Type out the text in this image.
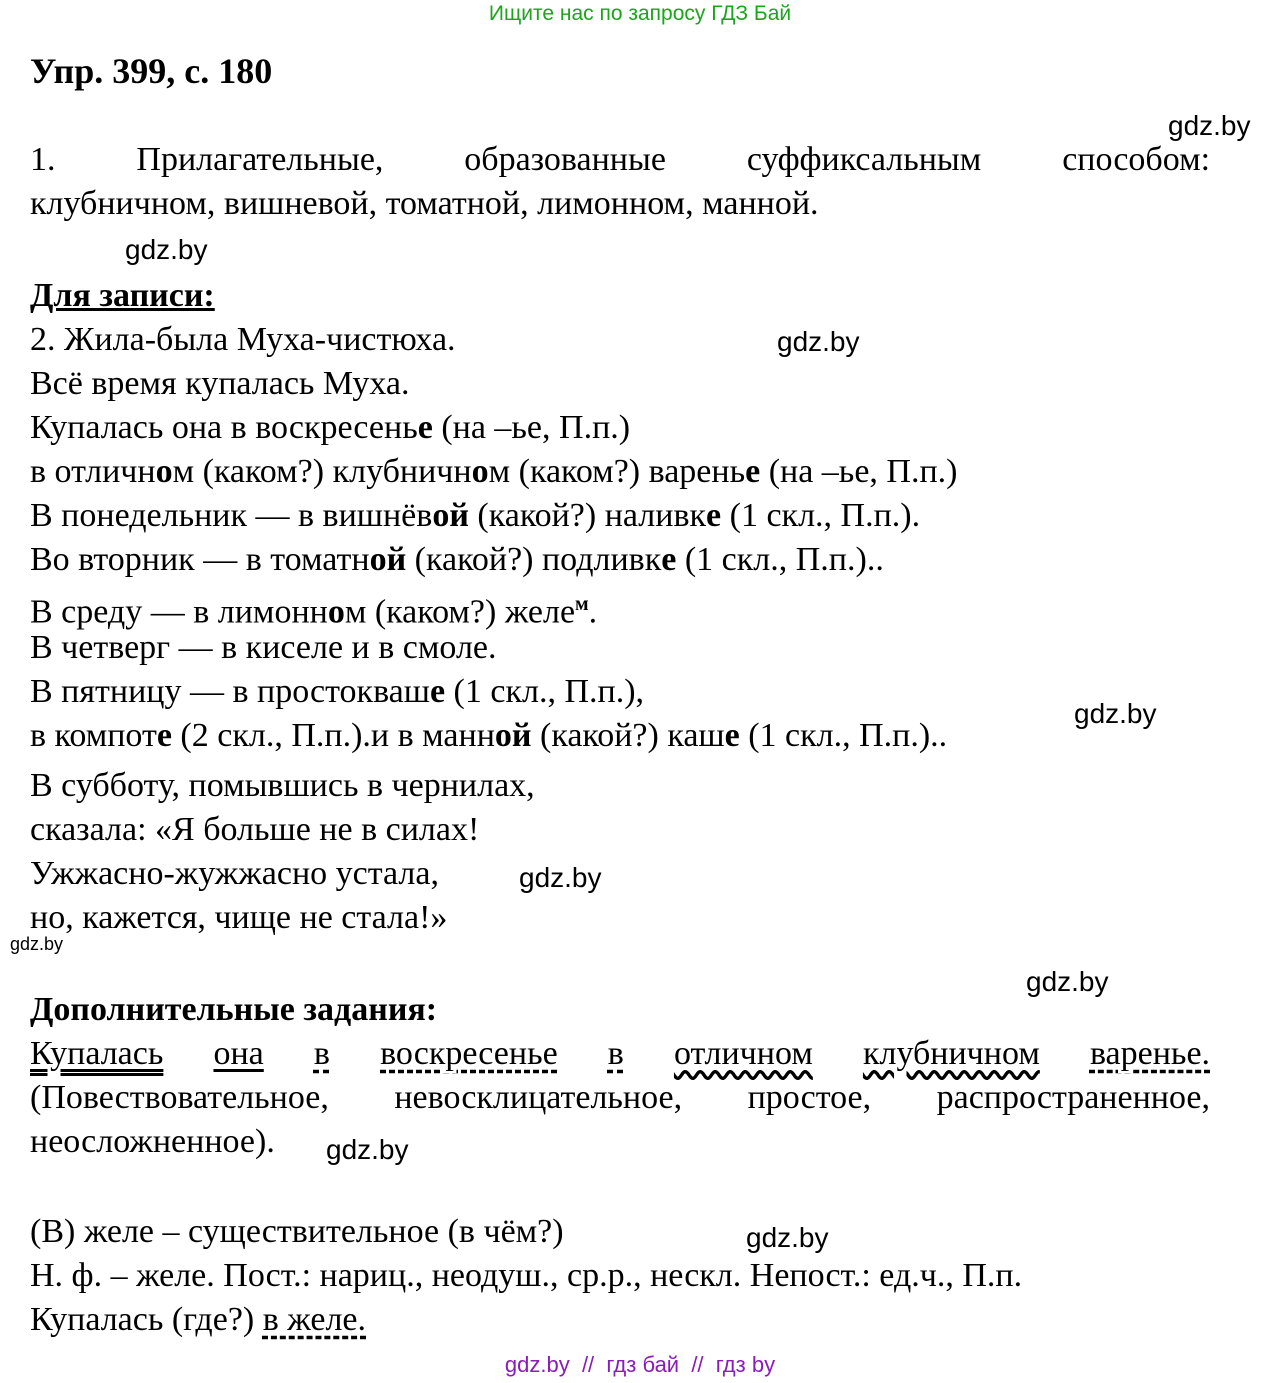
Ищите нас по запросу ГДЗ Бай
Упр. 399, с. 180
gdz.by
1. Прилагательные, образованные суффиксальным способом:
клубничном, вишневой, томатной, лимонном, манной.
gdz.by
Для записи:
2. Жила-была Муха-чистюха.	gdz.by
Всё время купалась Муха.
Купалась она в воскресенье (на –ье, П.п.)
в отличном (каком?) клубничном (каком?) варенье (на –ье, П.п.)
В понедельник — в вишнёвой (какой?) наливке (1 скл., П.п.).
Во вторник — в томатной (какой?) подливке (1 скл., П.п.)..
В среду — в лимонном (каком?) желе$^м$.
В четверг — в киселе и в смоле.
В пятницу — в простокваше (1 скл., П.п.),
gdz.by
в компоте (2 скл., П.п.).и в манной (какой?) каше (1 скл., П.п.)..
В субботу, помывшись в чернилах,
сказала: «Я больше не в силах!
Ужжасно-жужжасно устала,	gdz.by
но, кажется, чище не стала!»
gdz.by
gdz.by
Дополнительные задания:
Купалась она в воскресенье в отличном клубничном варенье.
(Повествовательное, невосклицательное, простое, распространенное,
неосложненное). gdz.by
(В) желе – существительное (в чём?)	gdz.by
Н. ф. – желе. Пост.: нариц., неодуш., ср.р., нескл. Непост.: ед.ч., П.п.
Купалась (где?) в желе.
gdz.by  //  гдз бай  //  гдз by
